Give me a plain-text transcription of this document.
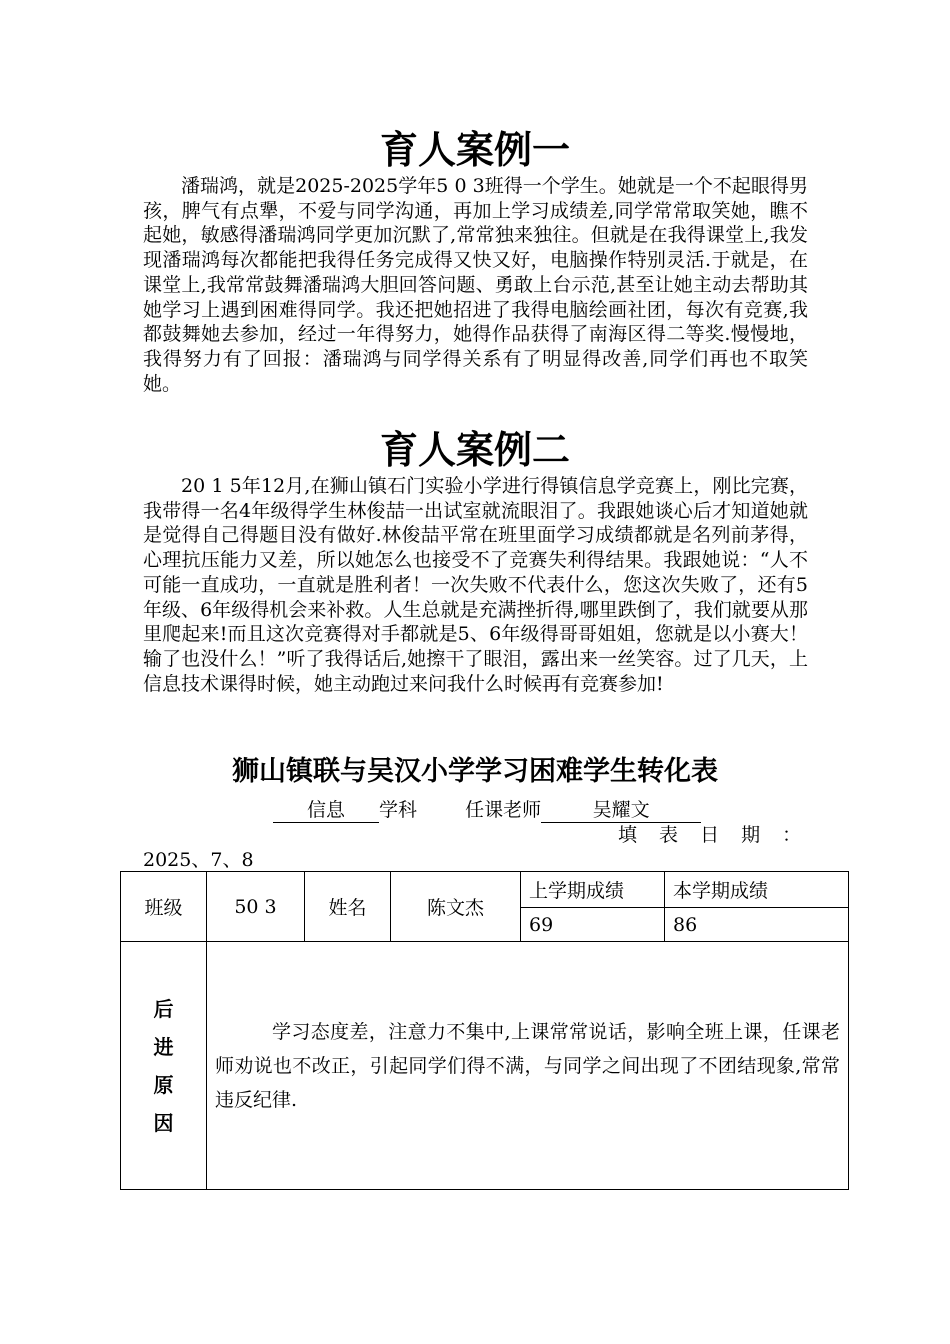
育人案例一
潘瑞鸿，就是2025-2025学年5 0 3班得一个学生。她就是一个不起眼得男孩，脾气有点犟，不爱与同学沟通，再加上学习成绩差,同学常常取笑她，瞧不起她，敏感得潘瑞鸿同学更加沉默了,常常独来独往。但就是在我得课堂上,我发现潘瑞鸿每次都能把我得任务完成得又快又好，电脑操作特别灵活.于就是，在课堂上,我常常鼓舞潘瑞鸿大胆回答问题、勇敢上台示范,甚至让她主动去帮助其她学习上遇到困难得同学。我还把她招进了我得电脑绘画社团，每次有竞赛,我都鼓舞她去参加，经过一年得努力，她得作品获得了南海区得二等奖.慢慢地，我得努力有了回报：潘瑞鸿与同学得关系有了明显得改善,同学们再也不取笑她。
育人案例二
20 1 5年12月,在狮山镇石门实验小学进行得镇信息学竞赛上，刚比完赛，我带得一名4年级得学生林俊喆一出试室就流眼泪了。我跟她谈心后才知道她就是觉得自己得题目没有做好.林俊喆平常在班里面学习成绩都就是名列前茅得，心理抗压能力又差，所以她怎么也接受不了竞赛失利得结果。我跟她说：“人不可能一直成功，一直就是胜利者！一次失败不代表什么，您这次失败了，还有5年级、6年级得机会来补救。人生总就是充满挫折得,哪里跌倒了，我们就要从那里爬起来!而且这次竞赛得对手都就是5、6年级得哥哥姐姐，您就是以小赛大！输了也没什么！”听了我得话后,她擦干了眼泪，露出来一丝笑容。过了几天，上信息技术课得时候，她主动跑过来问我什么时候再有竞赛参加!
狮山镇联与吴汉小学学习困难学生转化表
信息 学科	任课老师	吴耀文
填 表 日 期 ：
2025、7、8
班级	50 3	姓名	陈文杰	上学期成绩	本学期成绩
				69	86

后
进
原
因	学习态度差，注意力不集中,上课常常说话，影响全班上课，任课老师劝说也不改正，引起同学们得不满，与同学之间出现了不团结现象,常常违反纪律.				
